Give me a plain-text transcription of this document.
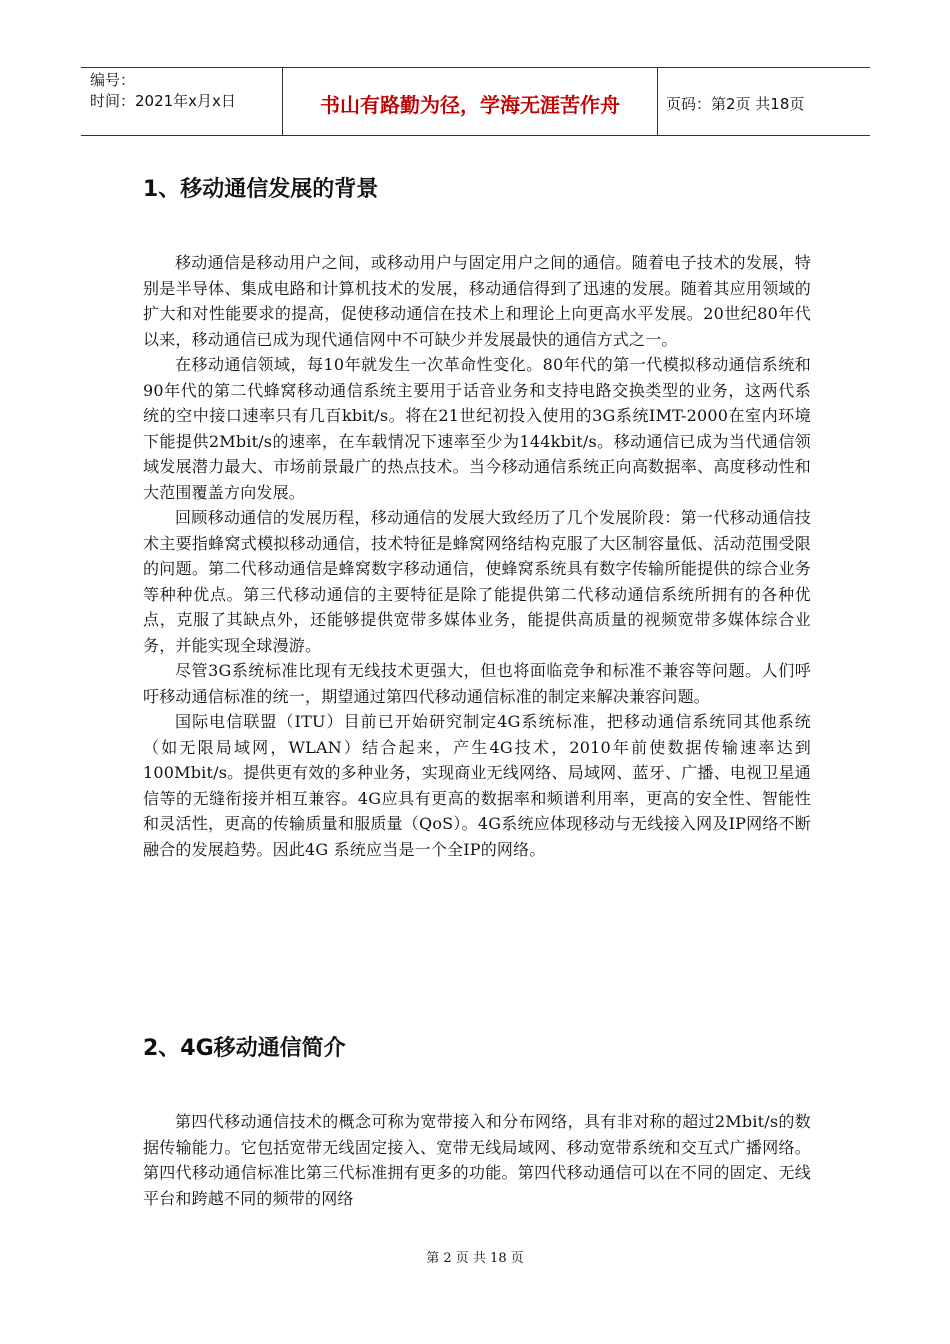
编号：
时间：2021年x月x日	书山有路勤为径，学海无涯苦作舟	页码：第2页 共18页
1、移动通信发展的背景

移动通信是移动用户之间，或移动用户与固定用户之间的通信。随着电子技术的发展，特别是半导体、集成电路和计算机技术的发展，移动通信得到了迅速的发展。随着其应用领域的扩大和对性能要求的提高，促使移动通信在技术上和理论上向更高水平发展。20世纪80年代以来，移动通信已成为现代通信网中不可缺少并发展最快的通信方式之一。

在移动通信领域，每10年就发生一次革命性变化。80年代的第一代模拟移动通信系统和90年代的第二代蜂窝移动通信系统主要用于话音业务和支持电路交换类型的业务，这两代系统的空中接口速率只有几百kbit/s。将在21世纪初投入使用的3G系统IMT-2000在室内环境下能提供2Mbit/s的速率，在车载情况下速率至少为144kbit/s。移动通信已成为当代通信领域发展潜力最大、市场前景最广的热点技术。当今移动通信系统正向高数据率、高度移动性和大范围覆盖方向发展。

回顾移动通信的发展历程，移动通信的发展大致经历了几个发展阶段：第一代移动通信技术主要指蜂窝式模拟移动通信，技术特征是蜂窝网络结构克服了大区制容量低、活动范围受限的问题。第二代移动通信是蜂窝数字移动通信，使蜂窝系统具有数字传输所能提供的综合业务等种种优点。第三代移动通信的主要特征是除了能提供第二代移动通信系统所拥有的各种优点，克服了其缺点外，还能够提供宽带多媒体业务，能提供高质量的视频宽带多媒体综合业务，并能实现全球漫游。

尽管3G系统标准比现有无线技术更强大，但也将面临竞争和标准不兼容等问题。人们呼吁移动通信标准的统一，期望通过第四代移动通信标准的制定来解决兼容问题。

国际电信联盟（ITU）目前已开始研究制定4G系统标准，把移动通信系统同其他系统（如无限局域网，WLAN）结合起来，产生4G技术，2010年前使数据传输速率达到100Mbit/s。提供更有效的多种业务，实现商业无线网络、局域网、蓝牙、广播、电视卫星通信等的无缝衔接并相互兼容。4G应具有更高的数据率和频谱利用率，更高的安全性、智能性和灵活性，更高的传输质量和服质量（QoS）。4G系统应体现移动与无线接入网及IP网络不断融合的发展趋势。因此4G 系统应当是一个全IP的网络。

2、4G移动通信简介

第四代移动通信技术的概念可称为宽带接入和分布网络，具有非对称的超过2Mbit/s的数据传输能力。它包括宽带无线固定接入、宽带无线局域网、移动宽带系统和交互式广播网络。第四代移动通信标准比第三代标准拥有更多的功能。第四代移动通信可以在不同的固定、无线平台和跨越不同的频带的网络

第 2 页 共 18 页
